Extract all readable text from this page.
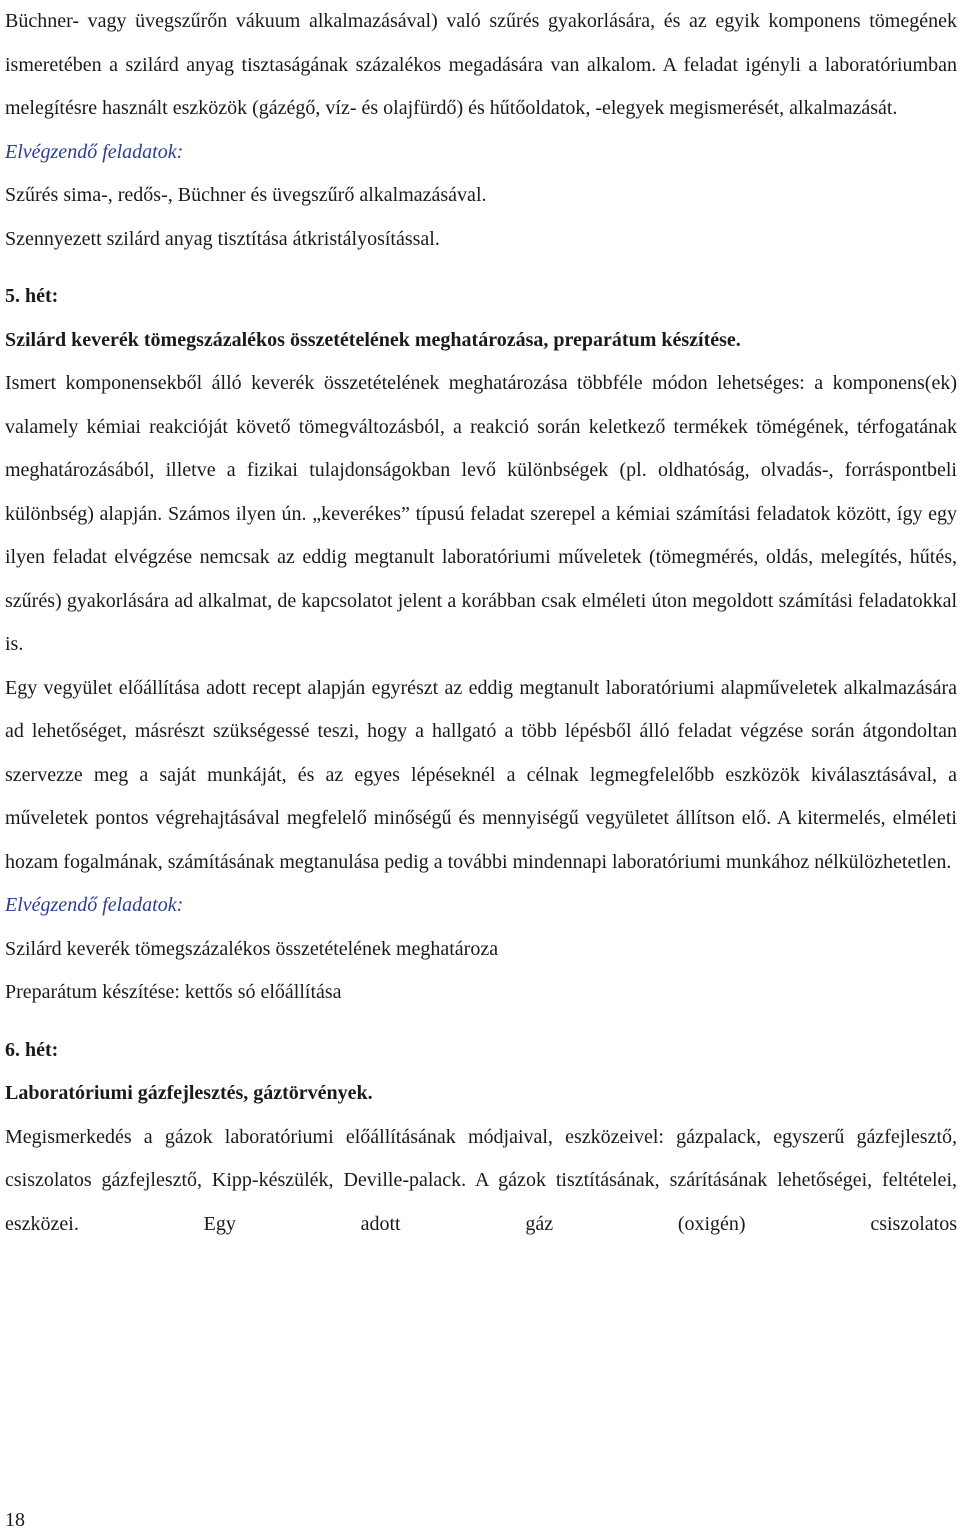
Büchner- vagy üvegszűrőn vákuum alkalmazásával) való szűrés gyakorlására, és az egyik komponens tömegének ismeretében a szilárd anyag tisztaságának százalékos megadására van alkalom. A feladat igényli a laboratóriumban melegítésre használt eszközök (gázégő, víz- és olajfürdő) és hűtőoldatok, -elegyek megismerését, alkalmazását.

Elvégzendő feladatok:

Szűrés sima-, redős-, Büchner és üvegszűrő alkalmazásával.

Szennyezett szilárd anyag tisztítása átkristályosítással.

5. hét:

Szilárd keverék tömegszázalékos összetételének meghatározása, preparátum készítése.

Ismert komponensekből álló keverék összetételének meghatározása többféle módon lehetséges: a komponens(ek) valamely kémiai reakcióját követő tömegváltozásból, a reakció során keletkező termékek tömégének, térfogatának meghatározásából, illetve a fizikai tulajdonságokban levő különbségek (pl. oldhatóság, olvadás-, forráspontbeli különbség) alapján. Számos ilyen ún. „keverékes” típusú feladat szerepel a kémiai számítási feladatok között, így egy ilyen feladat elvégzése nemcsak az eddig megtanult laboratóriumi műveletek (tömegmérés, oldás, melegítés, hűtés, szűrés) gyakorlására ad alkalmat, de kapcsolatot jelent a korábban csak elméleti úton megoldott számítási feladatokkal is.

Egy vegyület előállítása adott recept alapján egyrészt az eddig megtanult laboratóriumi alapműveletek alkalmazására ad lehetőséget, másrészt szükségessé teszi, hogy a hallgató a több lépésből álló feladat végzése során átgondoltan szervezze meg a saját munkáját, és az egyes lépéseknél a célnak legmegfelelőbb eszközök kiválasztásával, a műveletek pontos végrehajtásával megfelelő minőségű és mennyiségű vegyületet állítson elő. A kitermelés, elméleti hozam fogalmának, számításának megtanulása pedig a további mindennapi laboratóriumi munkához nélkülözhetetlen.

Elvégzendő feladatok:

Szilárd keverék tömegszázalékos összetételének meghatároza

Preparátum készítése: kettős só előállítása

6. hét:

Laboratóriumi gázfejlesztés, gáztörvények.

Megismerkedés a gázok laboratóriumi előállításának módjaival, eszközeivel: gázpalack, egyszerű gázfejlesztő, csiszolatos gázfejlesztő, Kipp-készülék, Deville-palack. A gázok tisztításának, szárításának lehetőségei, feltételei, eszközei. Egy adott gáz (oxigén) csiszolatos

18
